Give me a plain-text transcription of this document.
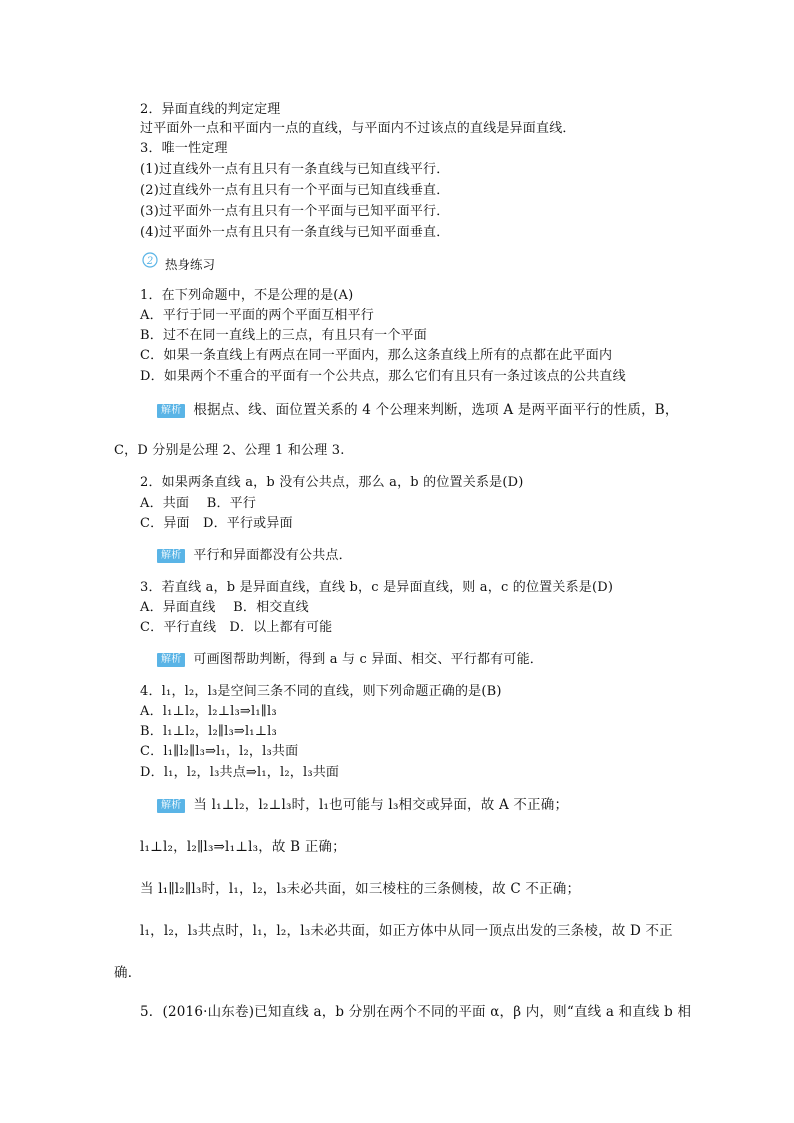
2．异面直线的判定定理
过平面外一点和平面内一点的直线，与平面内不过该点的直线是异面直线．
3．唯一性定理
(1)过直线外一点有且只有一条直线与已知直线平行．
(2)过直线外一点有且只有一个平面与已知直线垂直．
(3)过平面外一点有且只有一个平面与已知平面平行．
(4)过平面外一点有且只有一条直线与已知平面垂直．
2 热身练习
1．在下列命题中，不是公理的是(A)
A．平行于同一平面的两个平面互相平行
B．过不在同一直线上的三点，有且只有一个平面
C．如果一条直线上有两点在同一平面内，那么这条直线上所有的点都在此平面内
D．如果两个不重合的平面有一个公共点，那么它们有且只有一条过该点的公共直线
解析 根据点、线、面位置关系的 4 个公理来判断，选项 A 是两平面平行的性质，B，
C，D 分别是公理 2、公理 1 和公理 3.
2．如果两条直线 a，b 没有公共点，那么 a，b 的位置关系是(D)
A．共面　 B．平行
C．异面　D．平行或异面
解析 平行和异面都没有公共点．
3．若直线 a，b 是异面直线，直线 b，c 是异面直线，则 a，c 的位置关系是(D)
A．异面直线　 B．相交直线
C．平行直线　D．以上都有可能
解析 可画图帮助判断，得到 a 与 c 异面、相交、平行都有可能．
4．l₁，l₂，l₃是空间三条不同的直线，则下列命题正确的是(B)
A．l₁⊥l₂，l₂⊥l₃⇒l₁∥l₃
B．l₁⊥l₂，l₂∥l₃⇒l₁⊥l₃
C．l₁∥l₂∥l₃⇒l₁，l₂，l₃共面
D．l₁，l₂，l₃共点⇒l₁，l₂，l₃共面
解析 当 l₁⊥l₂，l₂⊥l₃时，l₁也可能与 l₃相交或异面，故 A 不正确；
l₁⊥l₂，l₂∥l₃⇒l₁⊥l₃，故 B 正确；
当 l₁∥l₂∥l₃时，l₁，l₂，l₃未必共面，如三棱柱的三条侧棱，故 C 不正确；
l₁，l₂，l₃共点时，l₁，l₂，l₃未必共面，如正方体中从同一顶点出发的三条棱，故 D 不正
确．
5．(2016·山东卷)已知直线 a，b 分别在两个不同的平面 α，β 内，则“直线 a 和直线 b 相
